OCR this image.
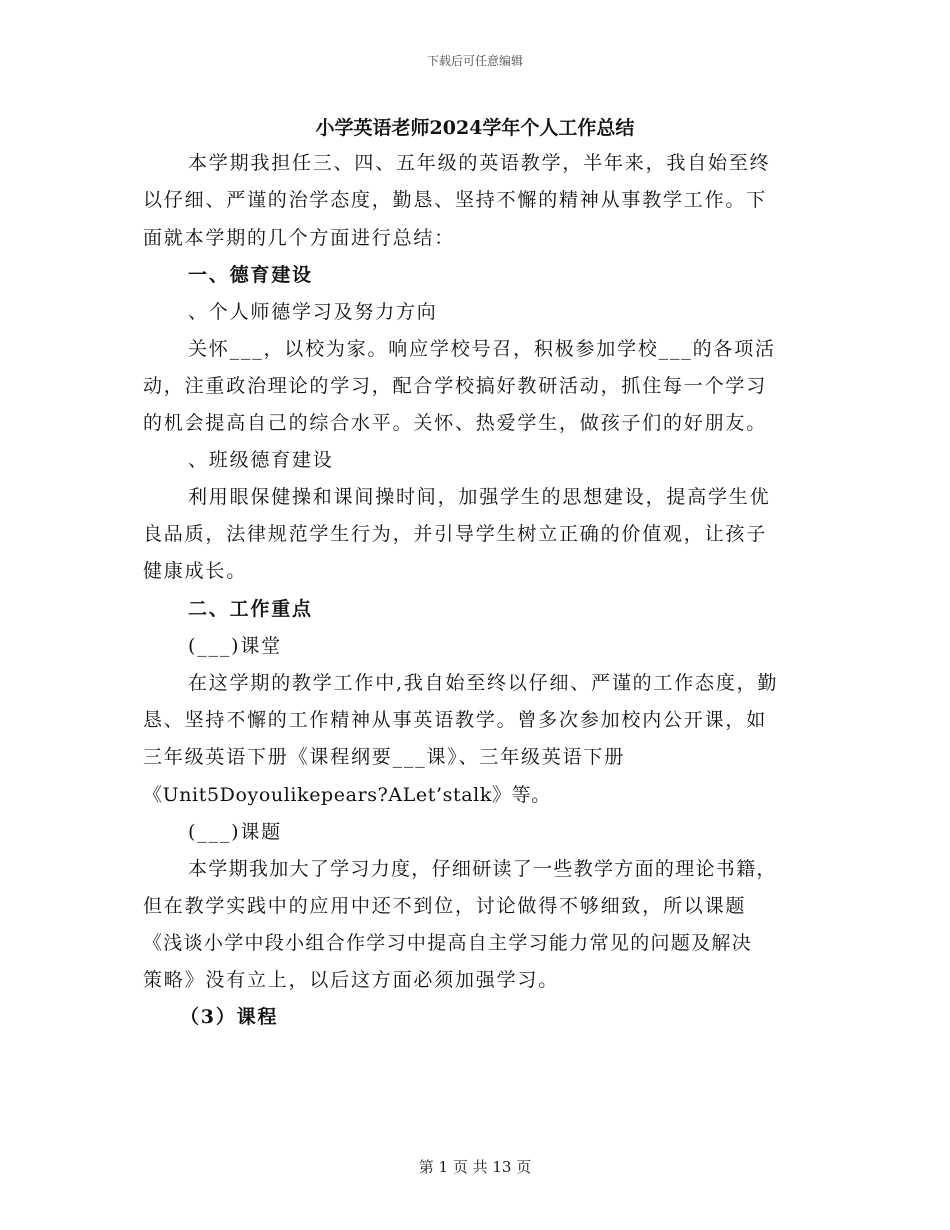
下载后可任意编辑
小学英语老师2024学年个人工作总结
本学期我担任三、四、五年级的英语教学，半年来，我自始至终
以仔细、严谨的治学态度，勤恳、坚持不懈的精神从事教学工作。下
面就本学期的几个方面进行总结：
一、德育建设
、个人师德学习及努力方向
关怀___，以校为家。响应学校号召，积极参加学校___的各项活
动，注重政治理论的学习，配合学校搞好教研活动，抓住每一个学习
的机会提高自己的综合水平。关怀、热爱学生，做孩子们的好朋友。
、班级德育建设
利用眼保健操和课间操时间，加强学生的思想建设，提高学生优
良品质，法律规范学生行为，并引导学生树立正确的价值观，让孩子
健康成长。
二、工作重点
(___)课堂
在这学期的教学工作中,我自始至终以仔细、严谨的工作态度，勤
恳、坚持不懈的工作精神从事英语教学。曾多次参加校内公开课，如
三年级英语下册《课程纲要___课》、三年级英语下册
《Unit5Doyoulikepears?ALet’stalk》等。
(___)课题
本学期我加大了学习力度，仔细研读了一些教学方面的理论书籍，
但在教学实践中的应用中还不到位，讨论做得不够细致，所以课题
《浅谈小学中段小组合作学习中提高自主学习能力常见的问题及解决
策略》没有立上，以后这方面必须加强学习。
（3）课程
第 1 页 共 13 页
